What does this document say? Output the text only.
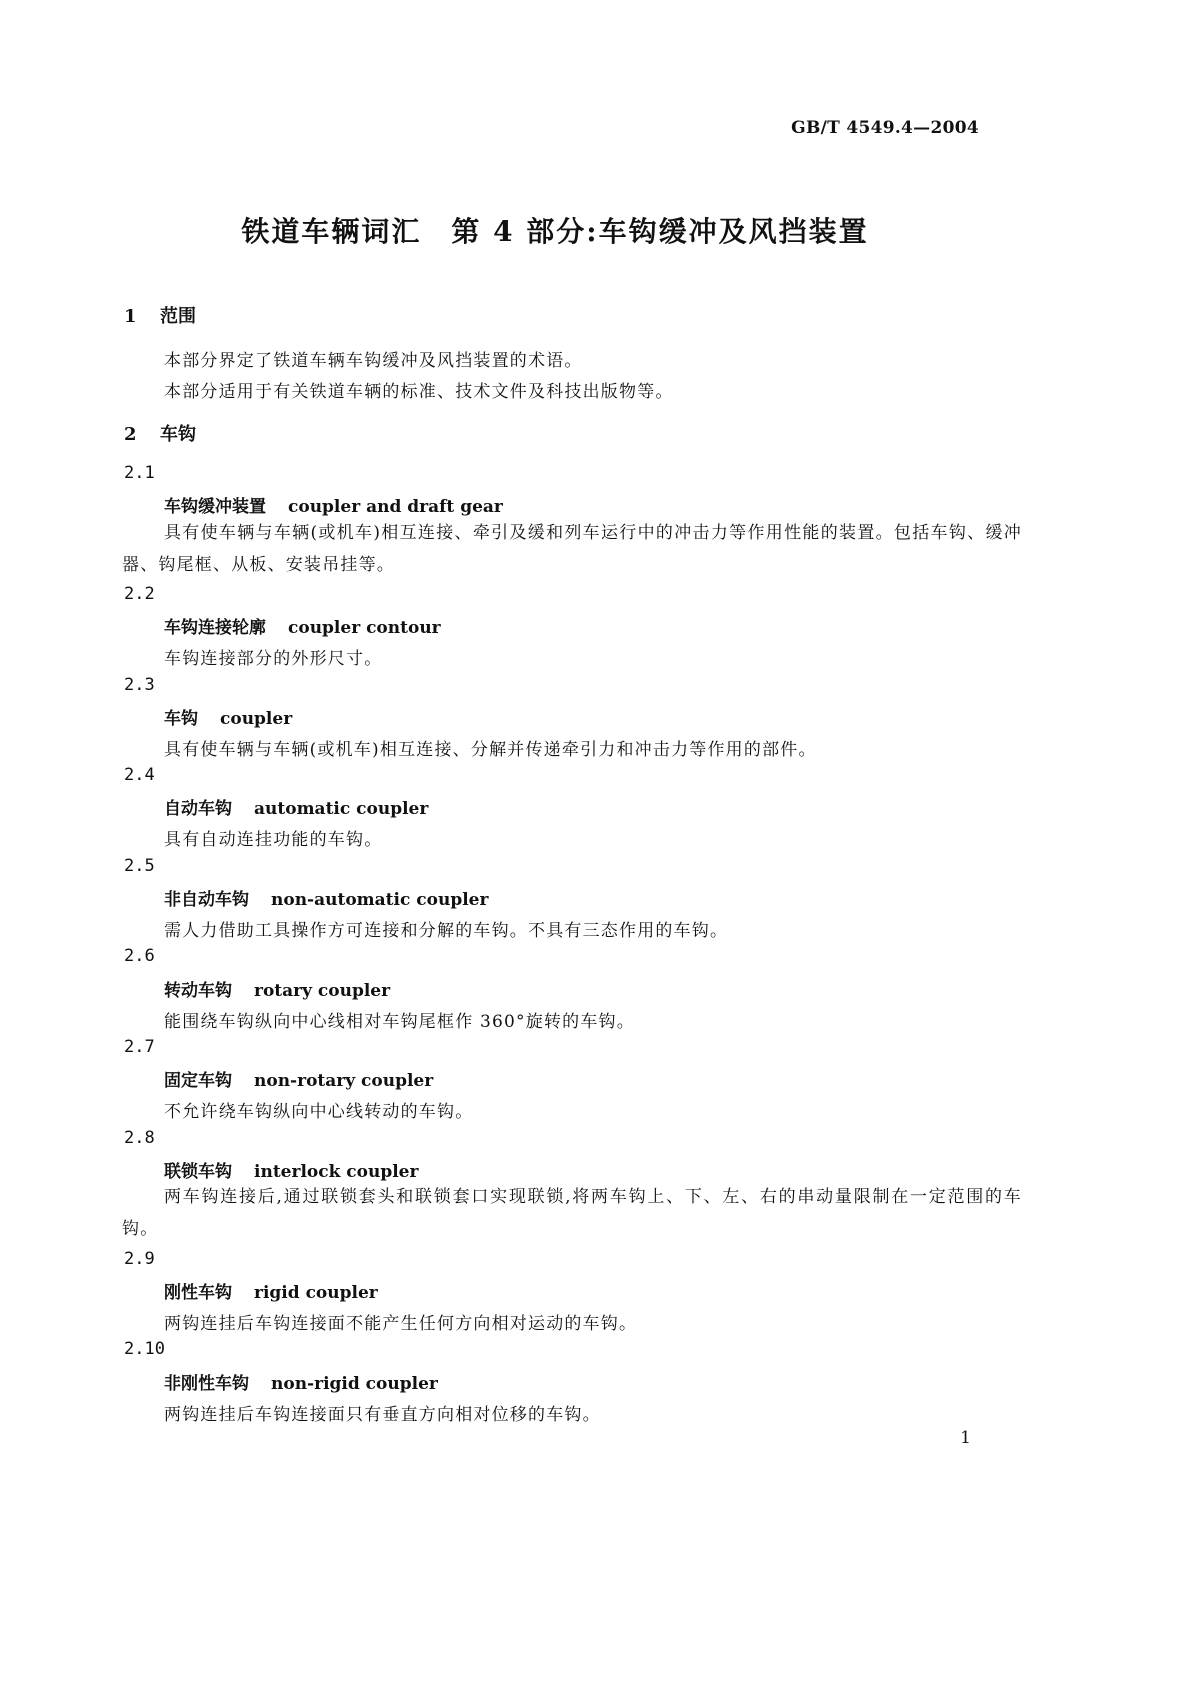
GB/T 4549.4—2004
铁道车辆词汇　第 4 部分:车钩缓冲及风挡装置
1 范围
本部分界定了铁道车辆车钩缓冲及风挡装置的术语。
本部分适用于有关铁道车辆的标准、技术文件及科技出版物等。
2 车钩
2.1
车钩缓冲装置 coupler and draft gear
具有使车辆与车辆(或机车)相互连接、牵引及缓和列车运行中的冲击力等作用性能的装置。包括车钩、缓冲器、钩尾框、从板、安装吊挂等。
2.2
车钩连接轮廓 coupler contour
车钩连接部分的外形尺寸。
2.3
车钩 coupler
具有使车辆与车辆(或机车)相互连接、分解并传递牵引力和冲击力等作用的部件。
2.4
自动车钩 automatic coupler
具有自动连挂功能的车钩。
2.5
非自动车钩 non-automatic coupler
需人力借助工具操作方可连接和分解的车钩。不具有三态作用的车钩。
2.6
转动车钩 rotary coupler
能围绕车钩纵向中心线相对车钩尾框作 360°旋转的车钩。
2.7
固定车钩 non-rotary coupler
不允许绕车钩纵向中心线转动的车钩。
2.8
联锁车钩 interlock coupler
两车钩连接后,通过联锁套头和联锁套口实现联锁,将两车钩上、下、左、右的串动量限制在一定范围的车钩。
2.9
刚性车钩 rigid coupler
两钩连挂后车钩连接面不能产生任何方向相对运动的车钩。
2.10
非刚性车钩 non-rigid coupler
两钩连挂后车钩连接面只有垂直方向相对位移的车钩。
1
